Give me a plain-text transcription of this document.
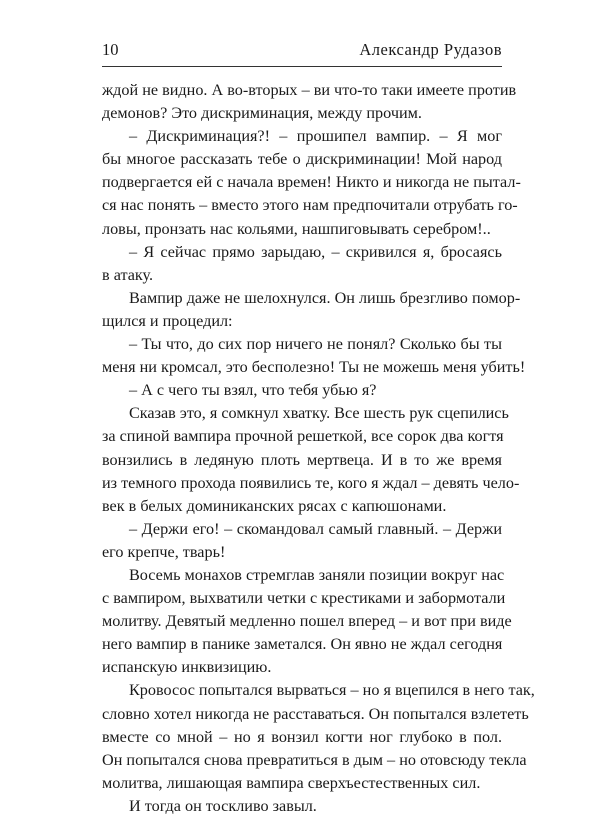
10	Александр Рудазов
ждой не видно. А во-вторых – ви что-то таки имеете против
демонов? Это дискриминация, между прочим.
– Дискриминация?! – прошипел вампир. – Я мог
бы многое рассказать тебе о дискриминации! Мой народ
подвергается ей с начала времен! Никто и никогда не пытал-
ся нас понять – вместо этого нам предпочитали отрубать го-
ловы, пронзать нас кольями, нашпиговывать серебром!..
– Я сейчас прямо зарыдаю, – скривился я, бросаясь
в атаку.
Вампир даже не шелохнулся. Он лишь брезгливо помор-
щился и процедил:
– Ты что, до сих пор ничего не понял? Сколько бы ты
меня ни кромсал, это бесполезно! Ты не можешь меня убить!
– А с чего ты взял, что тебя убью я?
Сказав это, я сомкнул хватку. Все шесть рук сцепились
за спиной вампира прочной решеткой, все сорок два когтя
вонзились в ледяную плоть мертвеца. И в то же время
из темного прохода появились те, кого я ждал – девять чело-
век в белых доминиканских рясах с капюшонами.
– Держи его! – скомандовал самый главный. – Держи
его крепче, тварь!
Восемь монахов стремглав заняли позиции вокруг нас
с вампиром, выхватили четки с крестиками и забормотали
молитву. Девятый медленно пошел вперед – и вот при виде
него вампир в панике заметался. Он явно не ждал сегодня
испанскую инквизицию.
Кровосос попытался вырваться – но я вцепился в него так,
словно хотел никогда не расставаться. Он попытался взлететь
вместе со мной – но я вонзил когти ног глубоко в пол.
Он попытался снова превратиться в дым – но отовсюду текла
молитва, лишающая вампира сверхъестественных сил.
И тогда он тоскливо завыл.
